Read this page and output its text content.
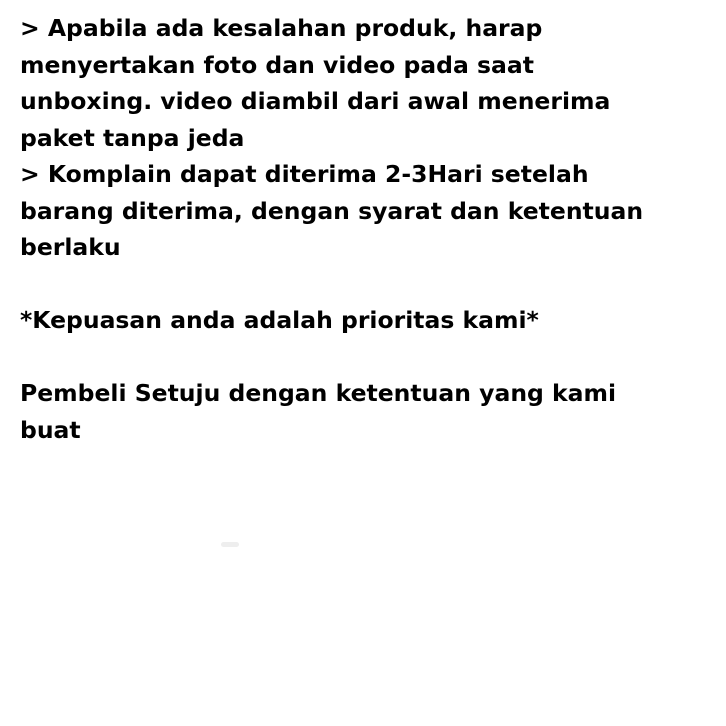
> Apabila ada kesalahan produk, harap
menyertakan foto dan video pada saat
unboxing. video diambil dari awal menerima
paket tanpa jeda
> Komplain dapat diterima 2-3Hari setelah
barang diterima, dengan syarat dan ketentuan
berlaku
*Kepuasan anda adalah prioritas kami*
Pembeli Setuju dengan ketentuan yang kami
buat
